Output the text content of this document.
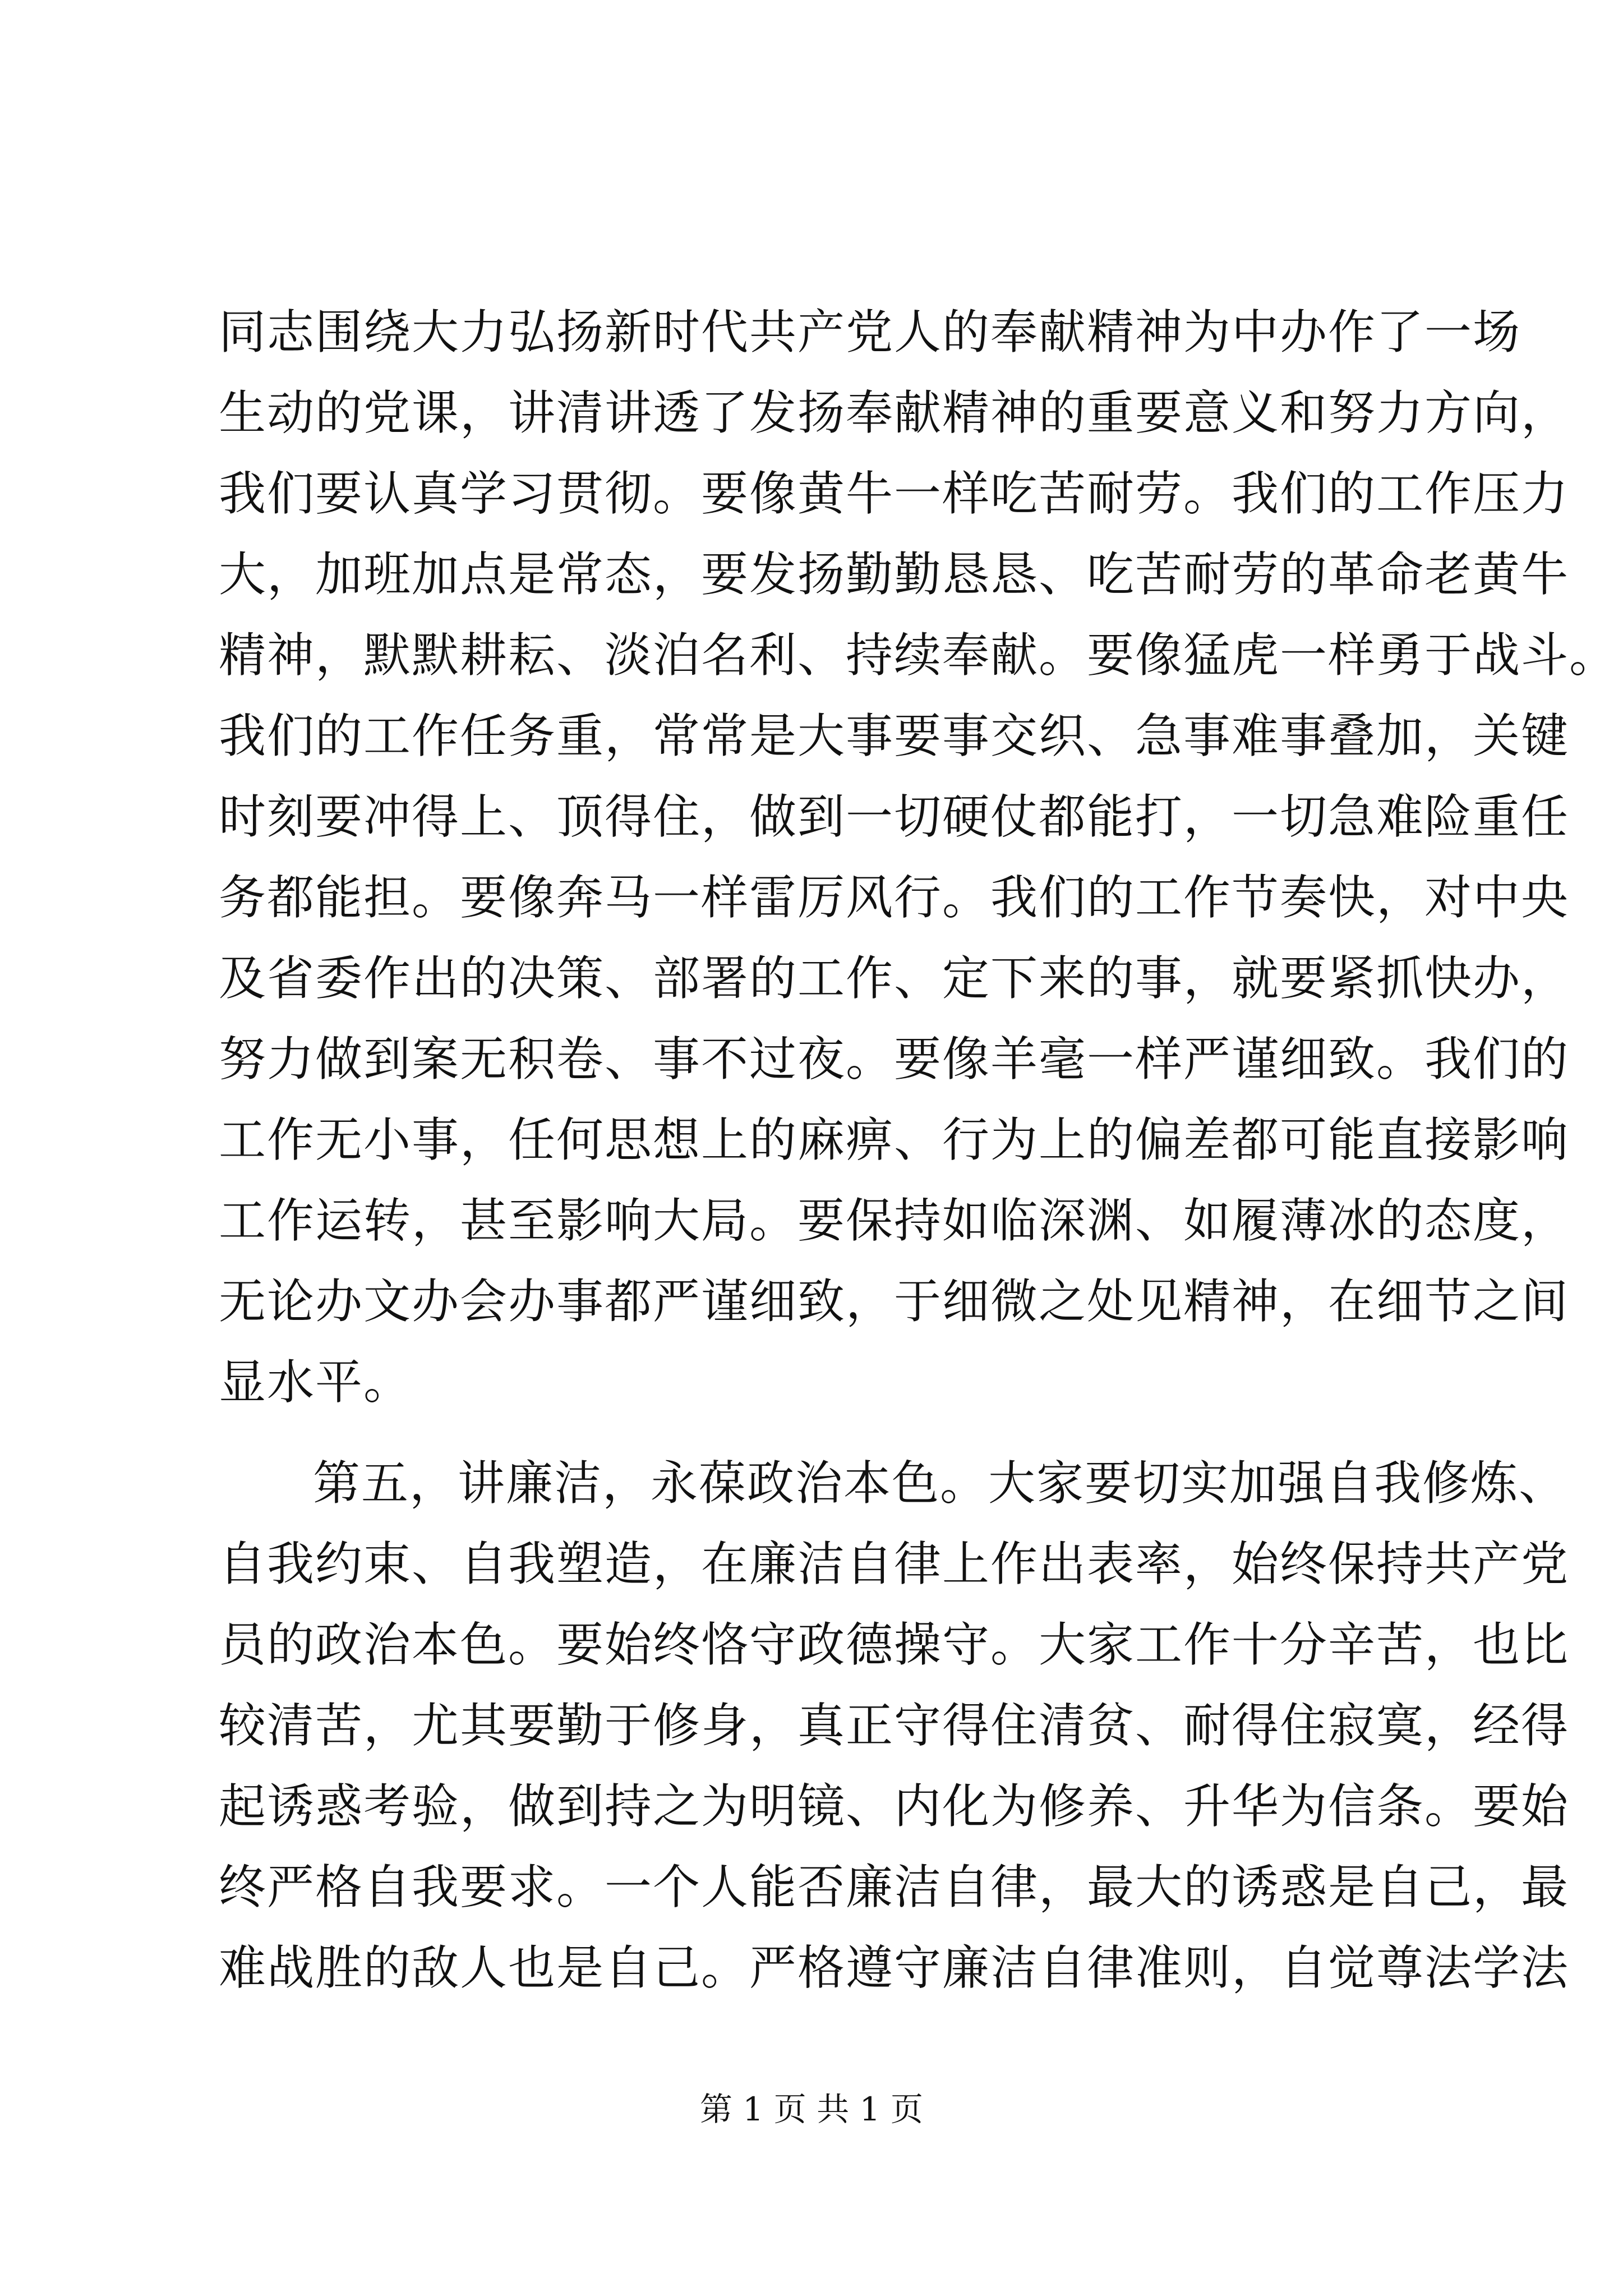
同志围绕大力弘扬新时代共产党人的奉献精神为中办作了一场
生动的党课，讲清讲透了发扬奉献精神的重要意义和努力方向，
我们要认真学习贯彻。要像黄牛一样吃苦耐劳。我们的工作压力
大，加班加点是常态，要发扬勤勤恳恳、吃苦耐劳的革命老黄牛
精神，默默耕耘、淡泊名利、持续奉献。要像猛虎一样勇于战斗。
我们的工作任务重，常常是大事要事交织、急事难事叠加，关键
时刻要冲得上、顶得住，做到一切硬仗都能打，一切急难险重任
务都能担。要像奔马一样雷厉风行。我们的工作节奏快，对中央
及省委作出的决策、部署的工作、定下来的事，就要紧抓快办，
努力做到案无积卷、事不过夜。要像羊毫一样严谨细致。我们的
工作无小事，任何思想上的麻痹、行为上的偏差都可能直接影响
工作运转，甚至影响大局。要保持如临深渊、如履薄冰的态度，
无论办文办会办事都严谨细致，于细微之处见精神，在细节之间
显水平。
第五，讲廉洁，永葆政治本色。大家要切实加强自我修炼、
自我约束、自我塑造，在廉洁自律上作出表率，始终保持共产党
员的政治本色。要始终恪守政德操守。大家工作十分辛苦，也比
较清苦，尤其要勤于修身，真正守得住清贫、耐得住寂寞，经得
起诱惑考验，做到持之为明镜、内化为修养、升华为信条。要始
终严格自我要求。一个人能否廉洁自律，最大的诱惑是自己，最
难战胜的敌人也是自己。严格遵守廉洁自律准则，自觉尊法学法
第 1 页 共 1 页
